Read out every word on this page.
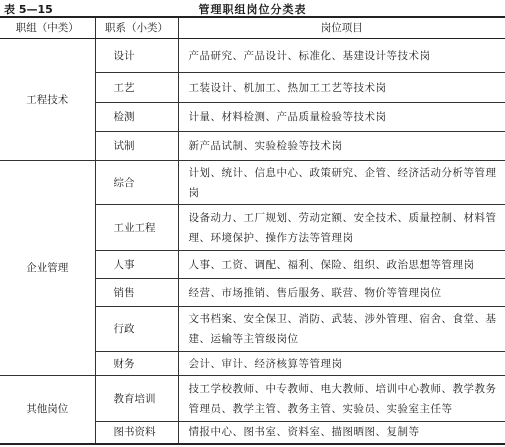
表 5—15	管理职组岗位分类表
职组（中类）	职系（小类）	岗位项目
工程技术	设计	产品研究、产品设计、标准化、基建设计等技术岗
	工艺	工装设计、机加工、热加工工艺等技术岗
	检测	计量、材料检测、产品质量检验等技术岗
	试制	新产品试制、实验检验等技术岗
企业管理	综合	计划、统计、信息中心、政策研究、企管、经济活动分析等管理岗
	工业工程	设备动力、工厂规划、劳动定额、安全技术、质量控制、材料管理、环境保护、操作方法等管理岗
	人事	人事、工资、调配、福利、保险、组织、政治思想等管理岗
	销售	经营、市场推销、售后服务、联营、物价等管理岗位
	行政	文书档案、安全保卫、消防、武装、涉外管理、宿舍、食堂、基建、运输等主管级岗位
	财务	会计、审计、经济核算等管理岗
其他岗位	教育培训	技工学校教师、中专教师、电大教师、培训中心教师、教学教务管理员、教学主管、教务主管、实验员、实验室主任等
	图书资料	情报中心、图书室、资料室、描图晒图、复制等
